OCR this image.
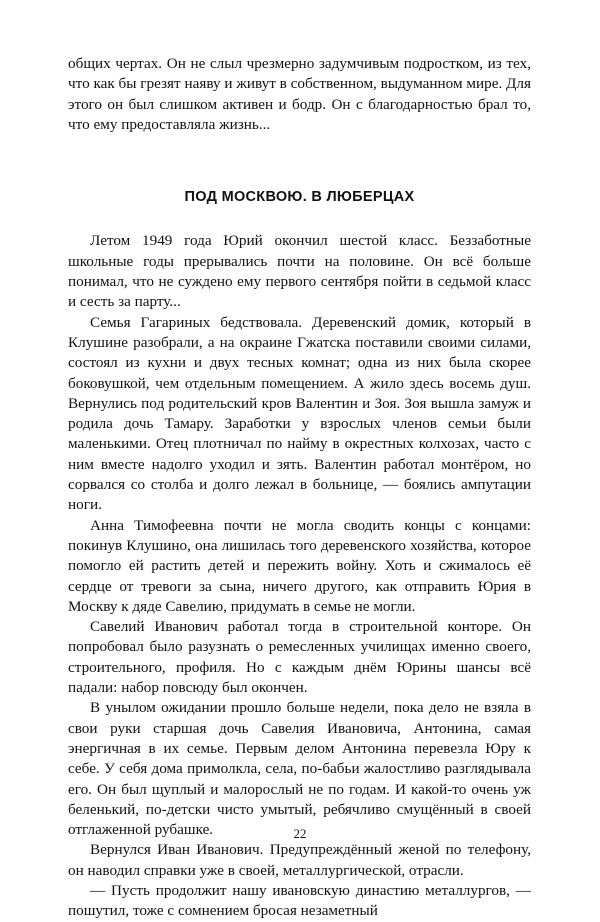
общих чертах. Он не слыл чрезмерно задумчивым подростком, из тех, что как бы грезят наяву и живут в собственном, выдуманном мире. Для этого он был слишком активен и бодр. Он с благодарностью брал то, что ему предоставляла жизнь...

ПОД МОСКВОЮ. В ЛЮБЕРЦАХ

Летом 1949 года Юрий окончил шестой класс. Беззаботные школьные годы прерывались почти на половине. Он всё больше понимал, что не суждено ему первого сентября пойти в седьмой класс и сесть за парту...

Семья Гагариных бедствовала. Деревенский домик, который в Клушине разобрали, а на окраине Гжатска поставили своими силами, состоял из кухни и двух тесных комнат; одна из них была скорее боковушкой, чем отдельным помещением. А жило здесь восемь душ. Вернулись под родительский кров Валентин и Зоя. Зоя вышла замуж и родила дочь Тамару. Заработки у взрослых членов семьи были маленькими. Отец плотничал по найму в окрестных колхозах, часто с ним вместе надолго уходил и зять. Валентин работал монтёром, но сорвался со столба и долго лежал в больнице, — боялись ампутации ноги.

Анна Тимофеевна почти не могла сводить концы с концами: покинув Клушино, она лишилась того деревенского хозяйства, которое помогло ей растить детей и пережить войну. Хоть и сжималось её сердце от тревоги за сына, ничего другого, как отправить Юрия в Москву к дяде Савелию, придумать в семье не могли.

Савелий Иванович работал тогда в строительной конторе. Он попробовал было разузнать о ремесленных училищах именно своего, строительного, профиля. Но с каждым днём Юрины шансы всё падали: набор повсюду был окончен.

В унылом ожидании прошло больше недели, пока дело не взяла в свои руки старшая дочь Савелия Ивановича, Антонина, самая энергичная в их семье. Первым делом Антонина перевезла Юру к себе. У себя дома примолкла, села, по-бабьи жалостливо разглядывала его. Он был щуплый и малорослый не по годам. И какой-то очень уж беленький, по-детски чисто умытый, ребячливо смущённый в своей отглаженной рубашке.

Вернулся Иван Иванович. Предупреждённый женой по телефону, он наводил справки уже в своей, металлургической, отрасли.

— Пусть продолжит нашу ивановскую династию металлургов, — пошутил, тоже с сомнением бросая незаметный

22
